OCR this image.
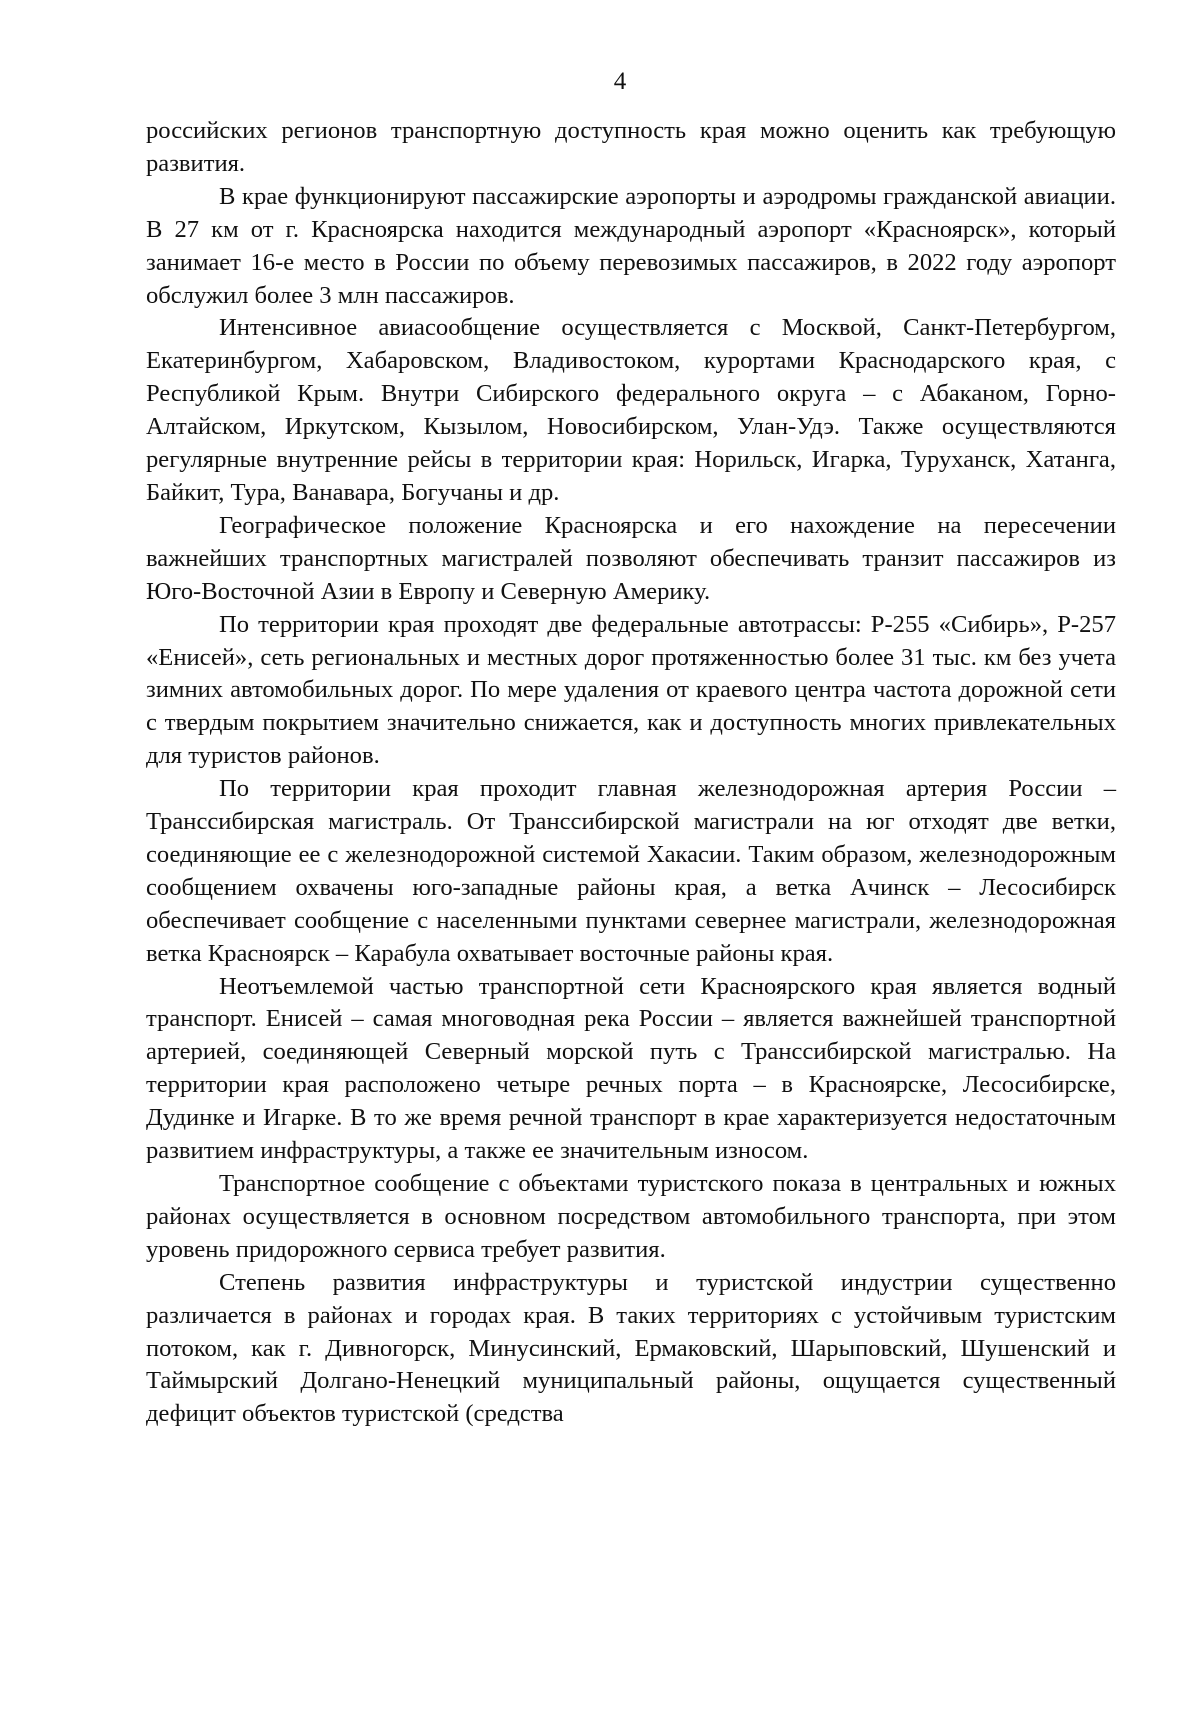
4

российских регионов транспортную доступность края можно оценить как требующую развития.

В крае функционируют пассажирские аэропорты и аэродромы гражданской авиации. В 27 км от г. Красноярска находится международный аэропорт «Красноярск», который занимает 16-е место в России по объему перевозимых пассажиров, в 2022 году аэропорт обслужил более 3 млн пассажиров.

Интенсивное авиасообщение осуществляется с Москвой, Санкт-Петербургом, Екатеринбургом, Хабаровском, Владивостоком, курортами Краснодарского края, с Республикой Крым. Внутри Сибирского федерального округа – с Абаканом, Горно-Алтайском, Иркутском, Кызылом, Новосибирском, Улан-Удэ. Также осуществляются регулярные внутренние рейсы в территории края: Норильск, Игарка, Туруханск, Хатанга, Байкит, Тура, Ванавара, Богучаны и др.

Географическое положение Красноярска и его нахождение на пересечении важнейших транспортных магистралей позволяют обеспечивать транзит пассажиров из Юго-Восточной Азии в Европу и Северную Америку.

По территории края проходят две федеральные автотрассы: Р-255 «Сибирь», Р-257 «Енисей», сеть региональных и местных дорог протяженностью более 31 тыс. км без учета зимних автомобильных дорог. По мере удаления от краевого центра частота дорожной сети с твердым покрытием значительно снижается, как и доступность многих привлекательных для туристов районов.

По территории края проходит главная железнодорожная артерия России – Транссибирская магистраль. От Транссибирской магистрали на юг отходят две ветки, соединяющие ее с железнодорожной системой Хакасии. Таким образом, железнодорожным сообщением охвачены юго-западные районы края, а ветка Ачинск – Лесосибирск обеспечивает сообщение с населенными пунктами севернее магистрали, железнодорожная ветка Красноярск – Карабула охватывает восточные районы края.

Неотъемлемой частью транспортной сети Красноярского края является водный транспорт. Енисей – самая многоводная река России – является важнейшей транспортной артерией, соединяющей Северный морской путь с Транссибирской магистралью. На территории края расположено четыре речных порта – в Красноярске, Лесосибирске, Дудинке и Игарке. В то же время речной транспорт в крае характеризуется недостаточным развитием инфраструктуры, а также ее значительным износом.

Транспортное сообщение с объектами туристского показа в центральных и южных районах осуществляется в основном посредством автомобильного транспорта, при этом уровень придорожного сервиса требует развития.

Степень развития инфраструктуры и туристской индустрии существенно различается в районах и городах края. В таких территориях с устойчивым туристским потоком, как г. Дивногорск, Минусинский, Ермаковский, Шарыповский, Шушенский и Таймырский Долгано-Ненецкий муниципальный районы, ощущается существенный дефицит объектов туристской (средства
